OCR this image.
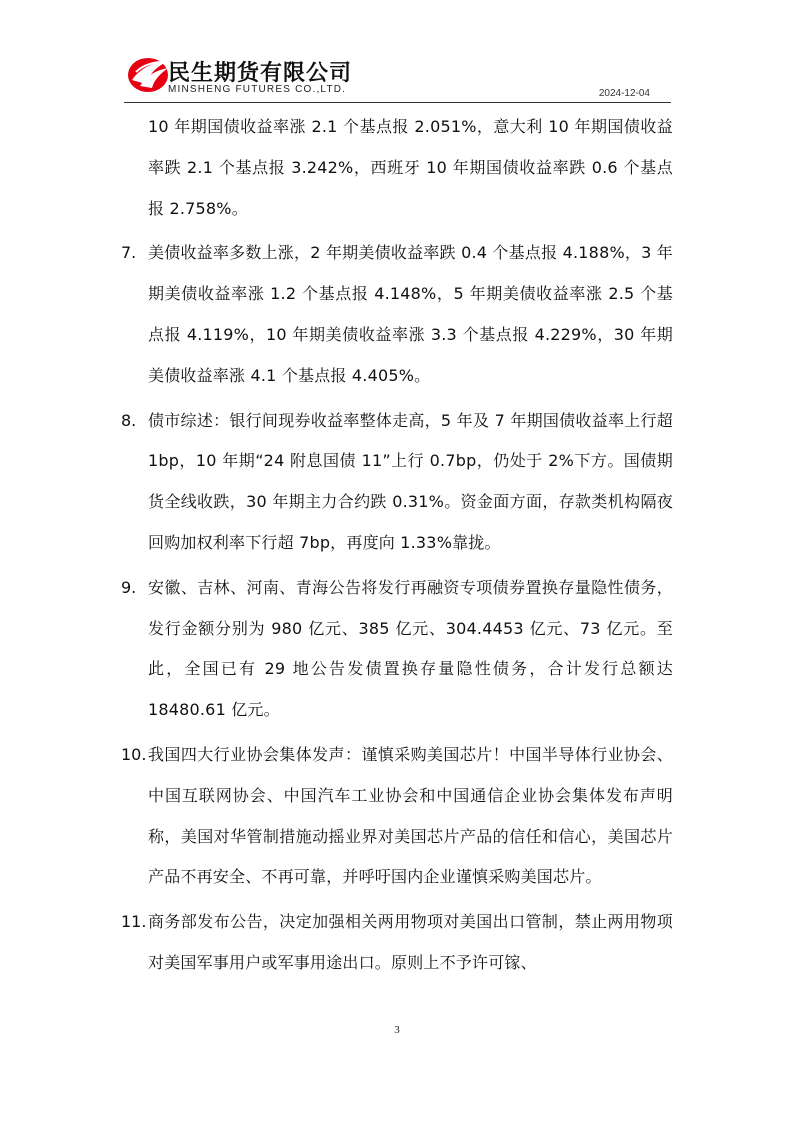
民生期货有限公司
MINSHENG FUTURES CO.,LTD.	2024-12-04
10 年期国债收益率涨 2.1 个基点报 2.051%，意大利 10 年期国债收益率跌 2.1 个基点报 3.242%，西班牙 10 年期国债收益率跌 0.6 个基点报 2.758%。
7. 美债收益率多数上涨，2 年期美债收益率跌 0.4 个基点报 4.188%，3 年期美债收益率涨 1.2 个基点报 4.148%，5 年期美债收益率涨 2.5 个基点报 4.119%，10 年期美债收益率涨 3.3 个基点报 4.229%，30 年期美债收益率涨 4.1 个基点报 4.405%。
8. 债市综述：银行间现券收益率整体走高，5 年及 7 年期国债收益率上行超 1bp，10 年期“24 附息国债 11”上行 0.7bp，仍处于 2%下方。国债期货全线收跌，30 年期主力合约跌 0.31%。资金面方面，存款类机构隔夜回购加权利率下行超 7bp，再度向 1.33%靠拢。
9. 安徽、吉林、河南、青海公告将发行再融资专项债券置换存量隐性债务，发行金额分别为 980 亿元、385 亿元、304.4453 亿元、73 亿元。至此，全国已有 29 地公告发债置换存量隐性债务，合计发行总额达 18480.61 亿元。
10. 我国四大行业协会集体发声：谨慎采购美国芯片！中国半导体行业协会、中国互联网协会、中国汽车工业协会和中国通信企业协会集体发布声明称，美国对华管制措施动摇业界对美国芯片产品的信任和信心，美国芯片产品不再安全、不再可靠，并呼吁国内企业谨慎采购美国芯片。
11. 商务部发布公告，决定加强相关两用物项对美国出口管制，禁止两用物项对美国军事用户或军事用途出口。原则上不予许可镓、
3
